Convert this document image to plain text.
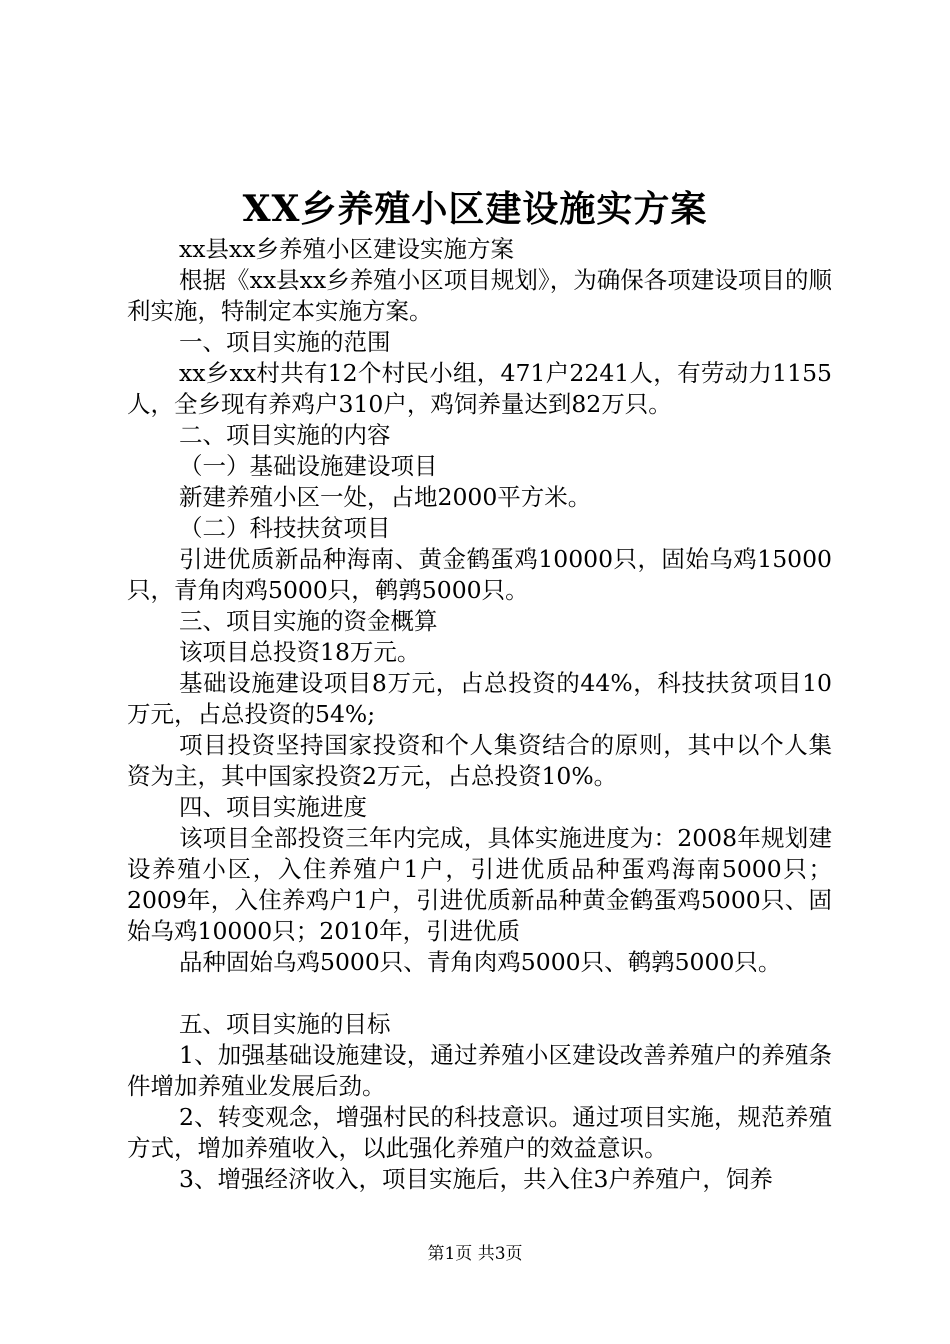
XX乡养殖小区建设施实方案

xx县xx乡养殖小区建设实施方案

根据《xx县xx乡养殖小区项目规划》，为确保各项建设项目的顺利实施，特制定本实施方案。

一、项目实施的范围

xx乡xx村共有12个村民小组，471户2241人，有劳动力1155人，全乡现有养鸡户310户，鸡饲养量达到82万只。

二、项目实施的内容

（一）基础设施建设项目

新建养殖小区一处，占地2000平方米。

（二）科技扶贫项目

引进优质新品种海南、黄金鹤蛋鸡10000只，固始乌鸡15000只，青角肉鸡5000只，鹌鹑5000只。

三、项目实施的资金概算

该项目总投资18万元。

基础设施建设项目8万元，占总投资的44%，科技扶贫项目10万元，占总投资的54%;

项目投资坚持国家投资和个人集资结合的原则，其中以个人集资为主，其中国家投资2万元，占总投资10%。

四、项目实施进度

该项目全部投资三年内完成，具体实施进度为：2008年规划建设养殖小区，入住养殖户1户，引进优质品种蛋鸡海南5000只；2009年，入住养鸡户1户，引进优质新品种黄金鹤蛋鸡5000只、固始乌鸡10000只；2010年，引进优质

品种固始乌鸡5000只、青角肉鸡5000只、鹌鹑5000只。

五、项目实施的目标

1、加强基础设施建设，通过养殖小区建设改善养殖户的养殖条件增加养殖业发展后劲。

2、转变观念，增强村民的科技意识。通过项目实施，规范养殖方式，增加养殖收入，以此强化养殖户的效益意识。

3、增强经济收入，项目实施后，共入住3户养殖户，饲养

第1页 共3页
